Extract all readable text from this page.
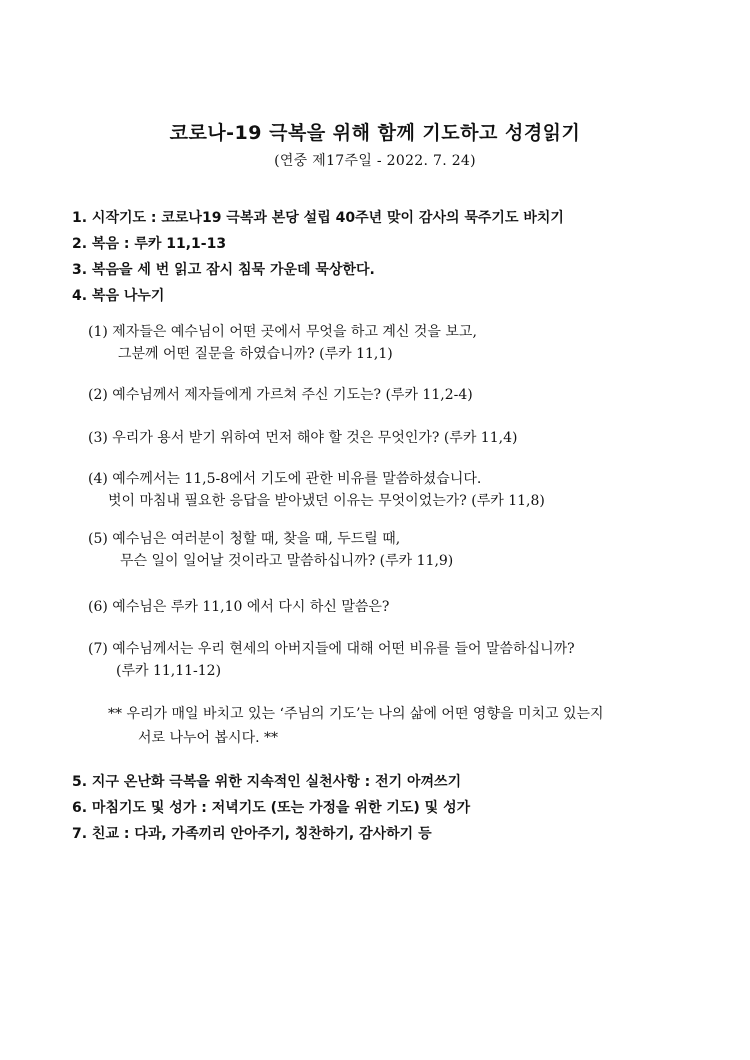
코로나-19 극복을 위해 함께 기도하고 성경읽기
(연중 제17주일 - 2022. 7. 24)
1. 시작기도 : 코로나19 극복과 본당 설립 40주년 맞이 감사의 묵주기도 바치기
2. 복음 : 루카 11,1-13
3. 복음을 세 번 읽고 잠시 침묵 가운데 묵상한다.
4. 복음 나누기
(1) 제자들은 예수님이 어떤 곳에서 무엇을 하고 계신 것을 보고,
그분께 어떤 질문을 하였습니까? (루카 11,1)
(2) 예수님께서 제자들에게 가르쳐 주신 기도는? (루카 11,2-4)
(3) 우리가 용서 받기 위하여 먼저 해야 할 것은 무엇인가? (루카 11,4)
(4) 예수께서는 11,5-8에서 기도에 관한 비유를 말씀하셨습니다.
벗이 마침내 필요한 응답을 받아냈던 이유는 무엇이었는가? (루카 11,8)
(5) 예수님은 여러분이 청할 때, 찾을 때, 두드릴 때,
무슨 일이 일어날 것이라고 말씀하십니까? (루카 11,9)
(6) 예수님은 루카 11,10 에서 다시 하신 말씀은?
(7) 예수님께서는 우리 현세의 아버지들에 대해 어떤 비유를 들어 말씀하십니까?
(루카 11,11-12)
** 우리가 매일 바치고 있는 ‘주님의 기도’는 나의 삶에 어떤 영향을 미치고 있는지
서로 나누어 봅시다. **
5. 지구 온난화 극복을 위한 지속적인 실천사항 : 전기 아껴쓰기
6. 마침기도 및 성가 : 저녁기도 (또는 가정을 위한 기도) 및 성가
7. 친교 : 다과, 가족끼리 안아주기, 칭찬하기, 감사하기 등
